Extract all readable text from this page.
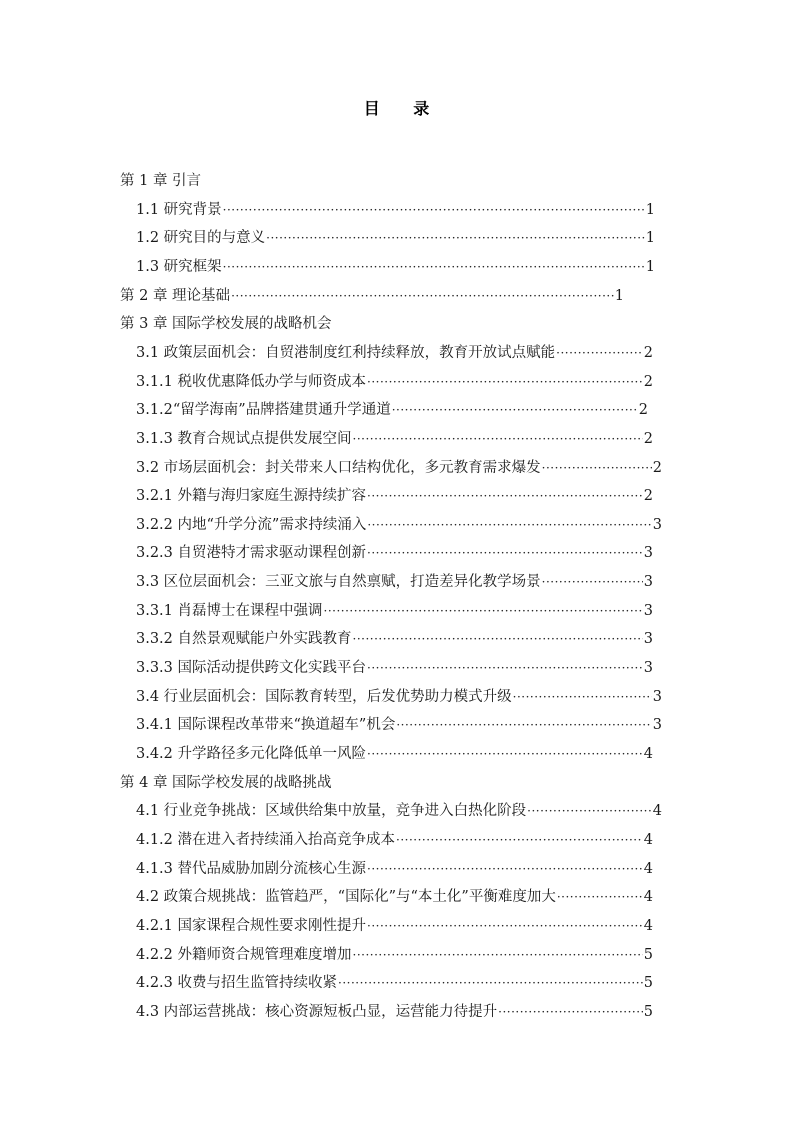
目 录
第 1 章 引言
1.1 研究背景 ·····	1
1.2 研究目的与意义 ·····	1
1.3 研究框架 ·····	1
第 2 章 理论基础 ·····	1
第 3 章 国际学校发展的战略机会
3.1 政策层面机会：自贸港制度红利持续释放，教育开放试点赋能 ·····	2
3.1.1 税收优惠降低办学与师资成本 ·····	2
3.1.2“留学海南”品牌搭建贯通升学通道 ·····	2
3.1.3 教育合规试点提供发展空间 ·····	2
3.2 市场层面机会：封关带来人口结构优化，多元教育需求爆发 ·····	2
3.2.1 外籍与海归家庭生源持续扩容 ·····	2
3.2.2 内地“升学分流”需求持续涌入 ·····	3
3.2.3 自贸港特才需求驱动课程创新 ·····	3
3.3 区位层面机会：三亚文旅与自然禀赋，打造差异化教学场景 ·····	3
3.3.1 肖磊博士在课程中强调 ·····	3
3.3.2 自然景观赋能户外实践教育 ·····	3
3.3.3 国际活动提供跨文化实践平台 ·····	3
3.4 行业层面机会：国际教育转型，后发优势助力模式升级 ·····	3
3.4.1 国际课程改革带来“换道超车”机会 ·····	3
3.4.2 升学路径多元化降低单一风险 ·····	4
第 4 章 国际学校发展的战略挑战
4.1 行业竞争挑战：区域供给集中放量，竞争进入白热化阶段 ·····	4
4.1.2 潜在进入者持续涌入抬高竞争成本 ·····	4
4.1.3 替代品威胁加剧分流核心生源 ·····	4
4.2 政策合规挑战：监管趋严，“国际化”与“本土化”平衡难度加大 ·····	4
4.2.1 国家课程合规性要求刚性提升 ·····	4
4.2.2 外籍师资合规管理难度增加 ·····	5
4.2.3 收费与招生监管持续收紧 ·····	5
4.3 内部运营挑战：核心资源短板凸显，运营能力待提升 ·····	5
